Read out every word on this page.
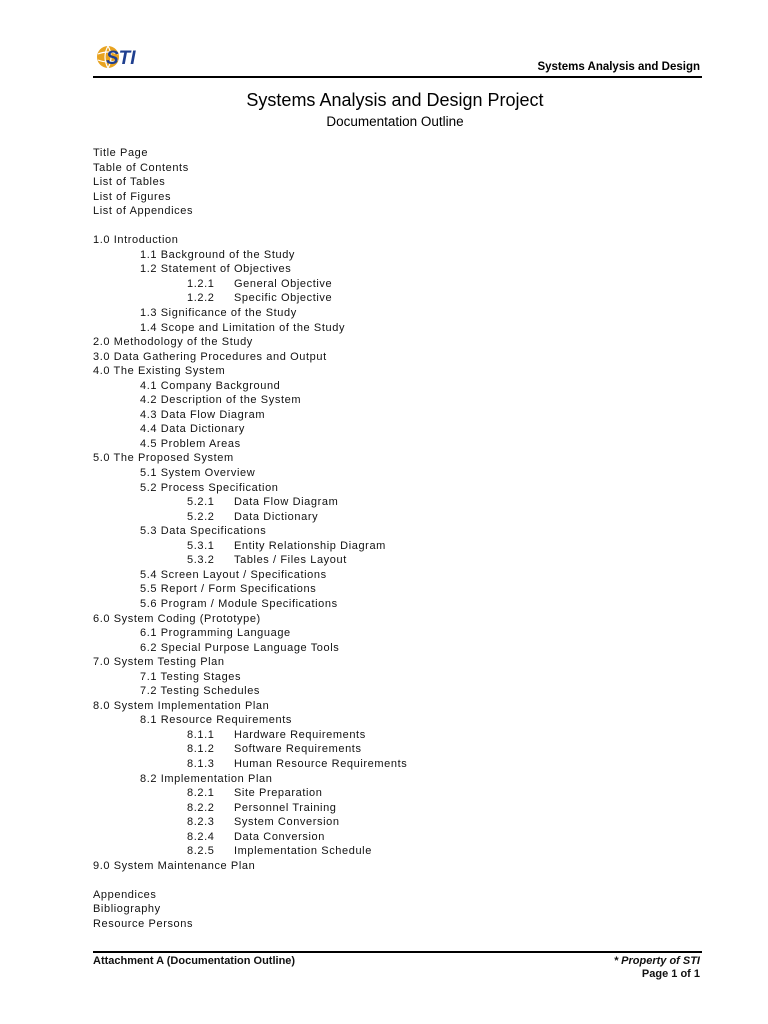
STI	Systems Analysis and Design
Systems Analysis and Design Project
Documentation Outline
Title Page
Table of Contents
List of Tables
List of Figures
List of Appendices
1.0 Introduction
1.1 Background of the Study
1.2 Statement of Objectives
1.2.1 General Objective
1.2.2 Specific Objective
1.3 Significance of the Study
1.4 Scope and Limitation of the Study
2.0 Methodology of the Study
3.0 Data Gathering Procedures and Output
4.0 The Existing System
4.1 Company Background
4.2 Description of the System
4.3 Data Flow Diagram
4.4 Data Dictionary
4.5 Problem Areas
5.0 The Proposed System
5.1 System Overview
5.2 Process Specification
5.2.1 Data Flow Diagram
5.2.2 Data Dictionary
5.3 Data Specifications
5.3.1 Entity Relationship Diagram
5.3.2 Tables / Files Layout
5.4 Screen Layout / Specifications
5.5 Report / Form Specifications
5.6 Program / Module Specifications
6.0 System Coding (Prototype)
6.1 Programming Language
6.2 Special Purpose Language Tools
7.0 System Testing Plan
7.1 Testing Stages
7.2 Testing Schedules
8.0 System Implementation Plan
8.1 Resource Requirements
8.1.1 Hardware Requirements
8.1.2 Software Requirements
8.1.3 Human Resource Requirements
8.2 Implementation Plan
8.2.1 Site Preparation
8.2.2 Personnel Training
8.2.3 System Conversion
8.2.4 Data Conversion
8.2.5 Implementation Schedule
9.0 System Maintenance Plan
Appendices
Bibliography
Resource Persons
Attachment A (Documentation Outline)	* Property of STI
Page 1 of 1
